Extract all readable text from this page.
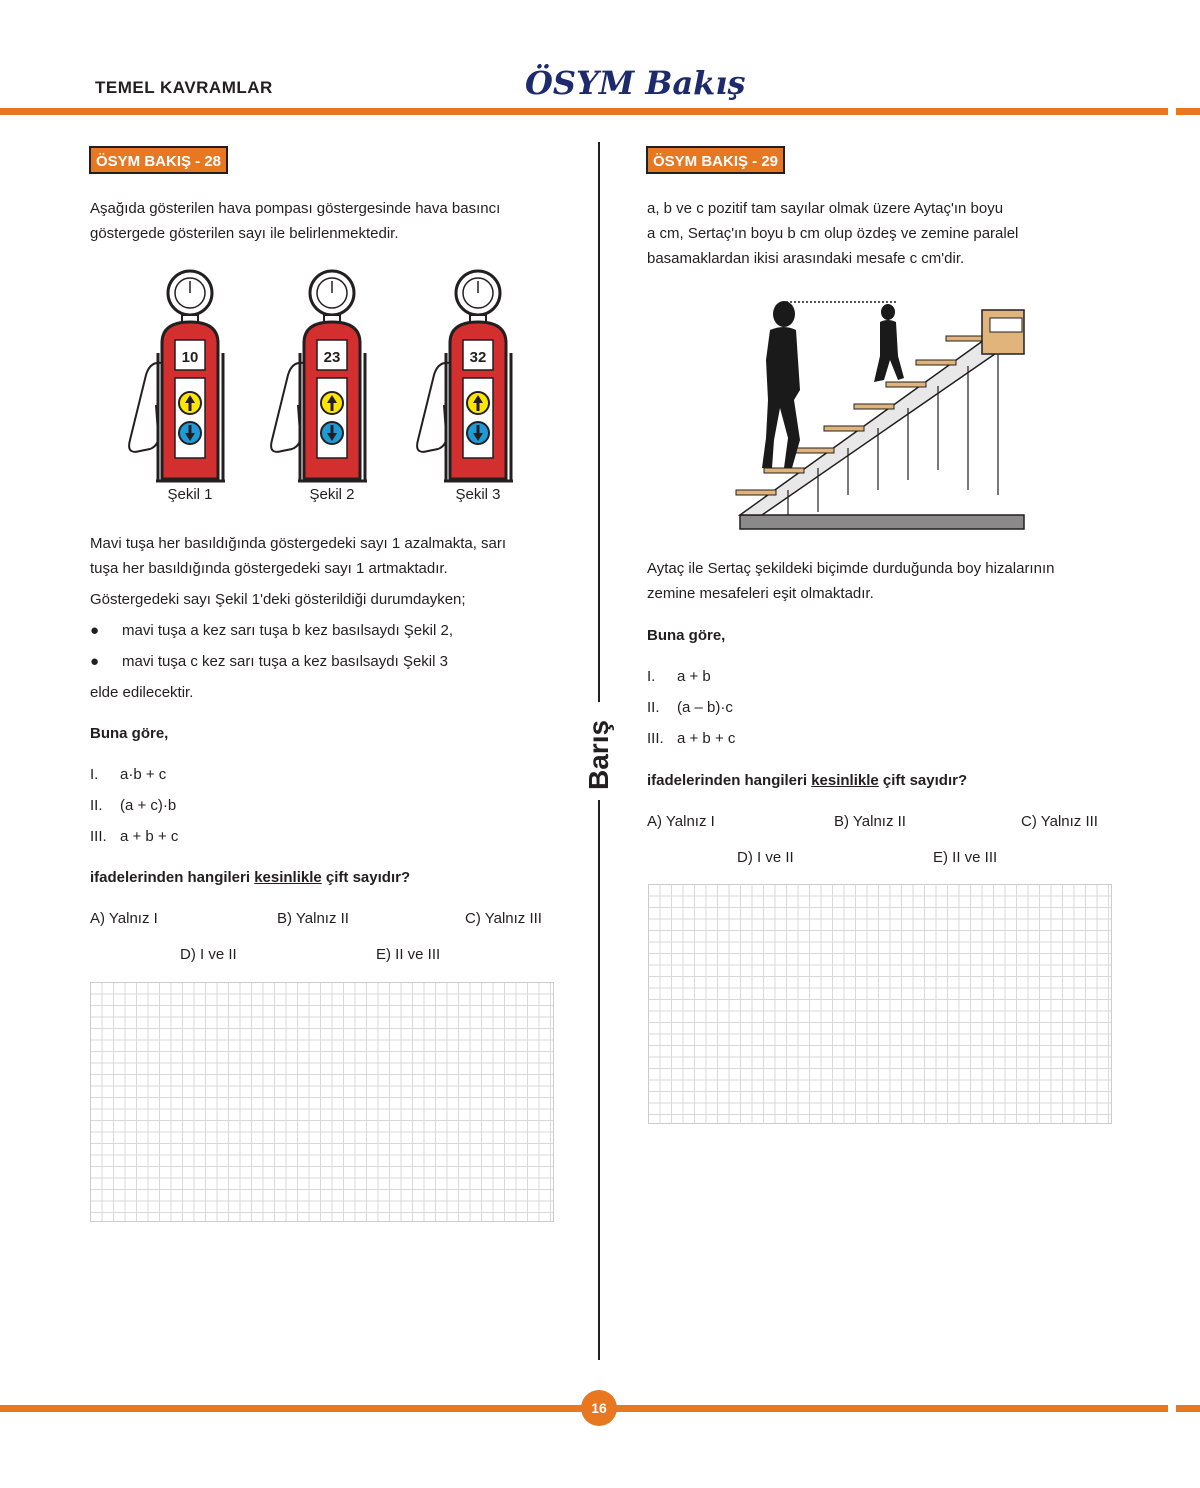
TEMEL KAVRAMLAR	ÖSYM Bakış
Barış
ÖSYM BAKIŞ - 28
Aşağıda gösterilen hava pompası göstergesinde hava basıncı
göstergede gösterilen sayı ile belirlenmektedir.
10	23	32
Şekil 1	Şekil 2	Şekil 3
Mavi tuşa her basıldığında göstergedeki sayı 1 azalmakta, sarı
tuşa her basıldığında göstergedeki sayı 1 artmaktadır.
Göstergedeki sayı Şekil 1'deki gösterildiği durumdayken;
● mavi tuşa a kez sarı tuşa b kez basılsaydı Şekil 2,
● mavi tuşa c kez sarı tuşa a kez basılsaydı Şekil 3
elde edilecektir.
Buna göre,
I. a·b + c
II. (a + c)·b
III. a + b + c
ifadelerinden hangileri kesinlikle çift sayıdır?
A) Yalnız I	B) Yalnız II	C) Yalnız III
D) I ve II	E) II ve III
ÖSYM BAKIŞ - 29
a, b ve c pozitif tam sayılar olmak üzere Aytaç'ın boyu
a cm, Sertaç'ın boyu b cm olup özdeş ve zemine paralel
basamaklardan ikisi arasındaki mesafe c cm'dir.
Aytaç ile Sertaç şekildeki biçimde durduğunda boy hizalarının
zemine mesafeleri eşit olmaktadır.
Buna göre,
I. a + b
II. (a – b)·c
III. a + b + c
ifadelerinden hangileri kesinlikle çift sayıdır?
A) Yalnız I	B) Yalnız II	C) Yalnız III
D) I ve II	E) II ve III
16
